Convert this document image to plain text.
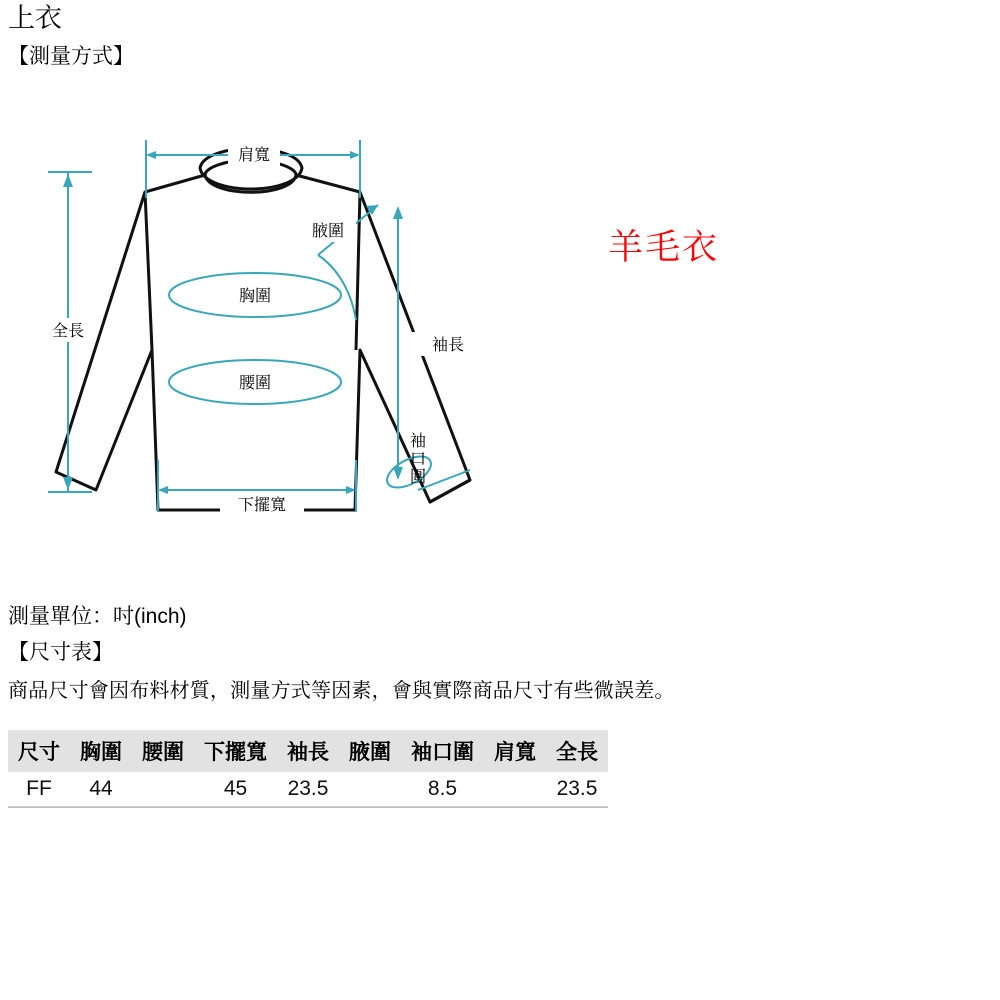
上衣
【測量方式】
肩寬
腋圍
胸圍
腰圍
袖長
袖
口
圍
下擺寬
全長
羊毛衣
測量單位：吋(inch)
【尺寸表】
商品尺寸會因布料材質，測量方式等因素，會與實際商品尺寸有些微誤差。
尺寸	胸圍	腰圍	下擺寬	袖長	腋圍	袖口圍	肩寬	全長
FF	44		45	23.5		8.5		23.5
